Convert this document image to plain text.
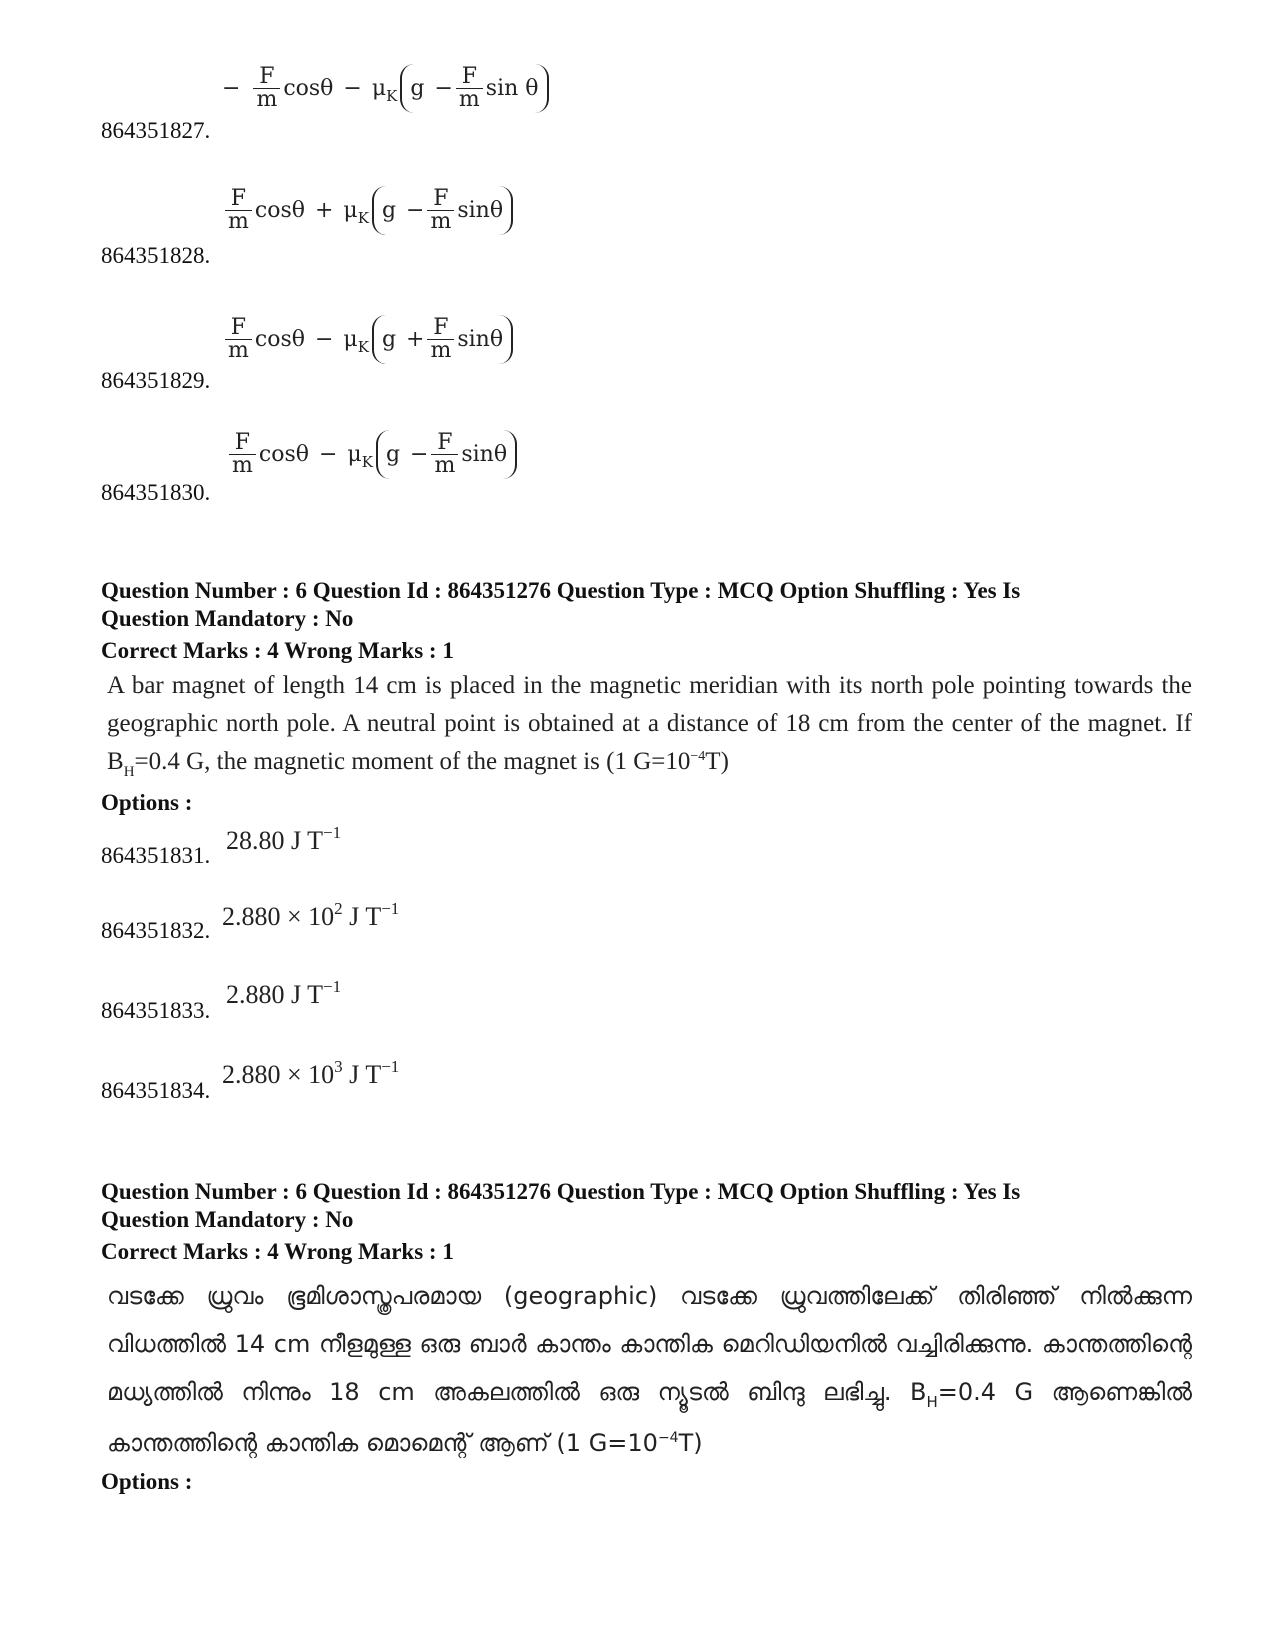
− $\frac{F}{m}$ cosθ − μ K $g - \frac{F}{m}$ sin θ
864351827.
$\frac{F}{m}$ cosθ + μ K $g - \frac{F}{m}$ sinθ
864351828.
$\frac{F}{m}$ cosθ − μ K $g + \frac{F}{m}$ sinθ
864351829.
$\frac{F}{m}$ cosθ − μ K $g - \frac{F}{m}$ sinθ
864351830.
Question Number : 6 Question Id : 864351276 Question Type : MCQ Option Shuffling : Yes Is
Question Mandatory : No
Correct Marks : 4 Wrong Marks : 1
A bar magnet of length 14 cm is placed in the magnetic meridian with its north pole pointing towards the geographic north pole. A neutral point is obtained at a distance of 18 cm from the center of the magnet. If $B_H=0.4$ G, the magnetic moment of the magnet is (1 $G=10^{-4}T$)
Options :
28.80 J $T^{-1}$
864351831.
$2.880 \times 10^2$ J $T^{-1}$
864351832.
2.880 J $T^{-1}$
864351833.
$2.880 \times 10^3$ J $T^{-1}$
864351834.
Question Number : 6 Question Id : 864351276 Question Type : MCQ Option Shuffling : Yes Is
Question Mandatory : No
Correct Marks : 4 Wrong Marks : 1
വടക്കേ ധ്രുവം ഭൂമിശാസ്ത്രപരമായ (geographic) വടക്കേ ധ്രുവത്തിലേക്ക് തിരിഞ്ഞ് നിൽക്കുന്ന വിധത്തിൽ 14 cm നീളമുള്ള ഒരു ബാർ കാന്തം കാന്തിക മെറിഡിയനിൽ വച്ചിരിക്കുന്നു. കാന്തത്തിന്റെ മധ്യത്തിൽ നിന്നും 18 cm അകലത്തിൽ ഒരു ന്യൂടൽ ബിന്ദു ലഭിച്ചു. $B_H=0.4$ G ആണെങ്കിൽ കാന്തത്തിന്റെ കാന്തിക മൊമെന്റ് ആണ് (1 $G=10^{-4}T$)
Options :
